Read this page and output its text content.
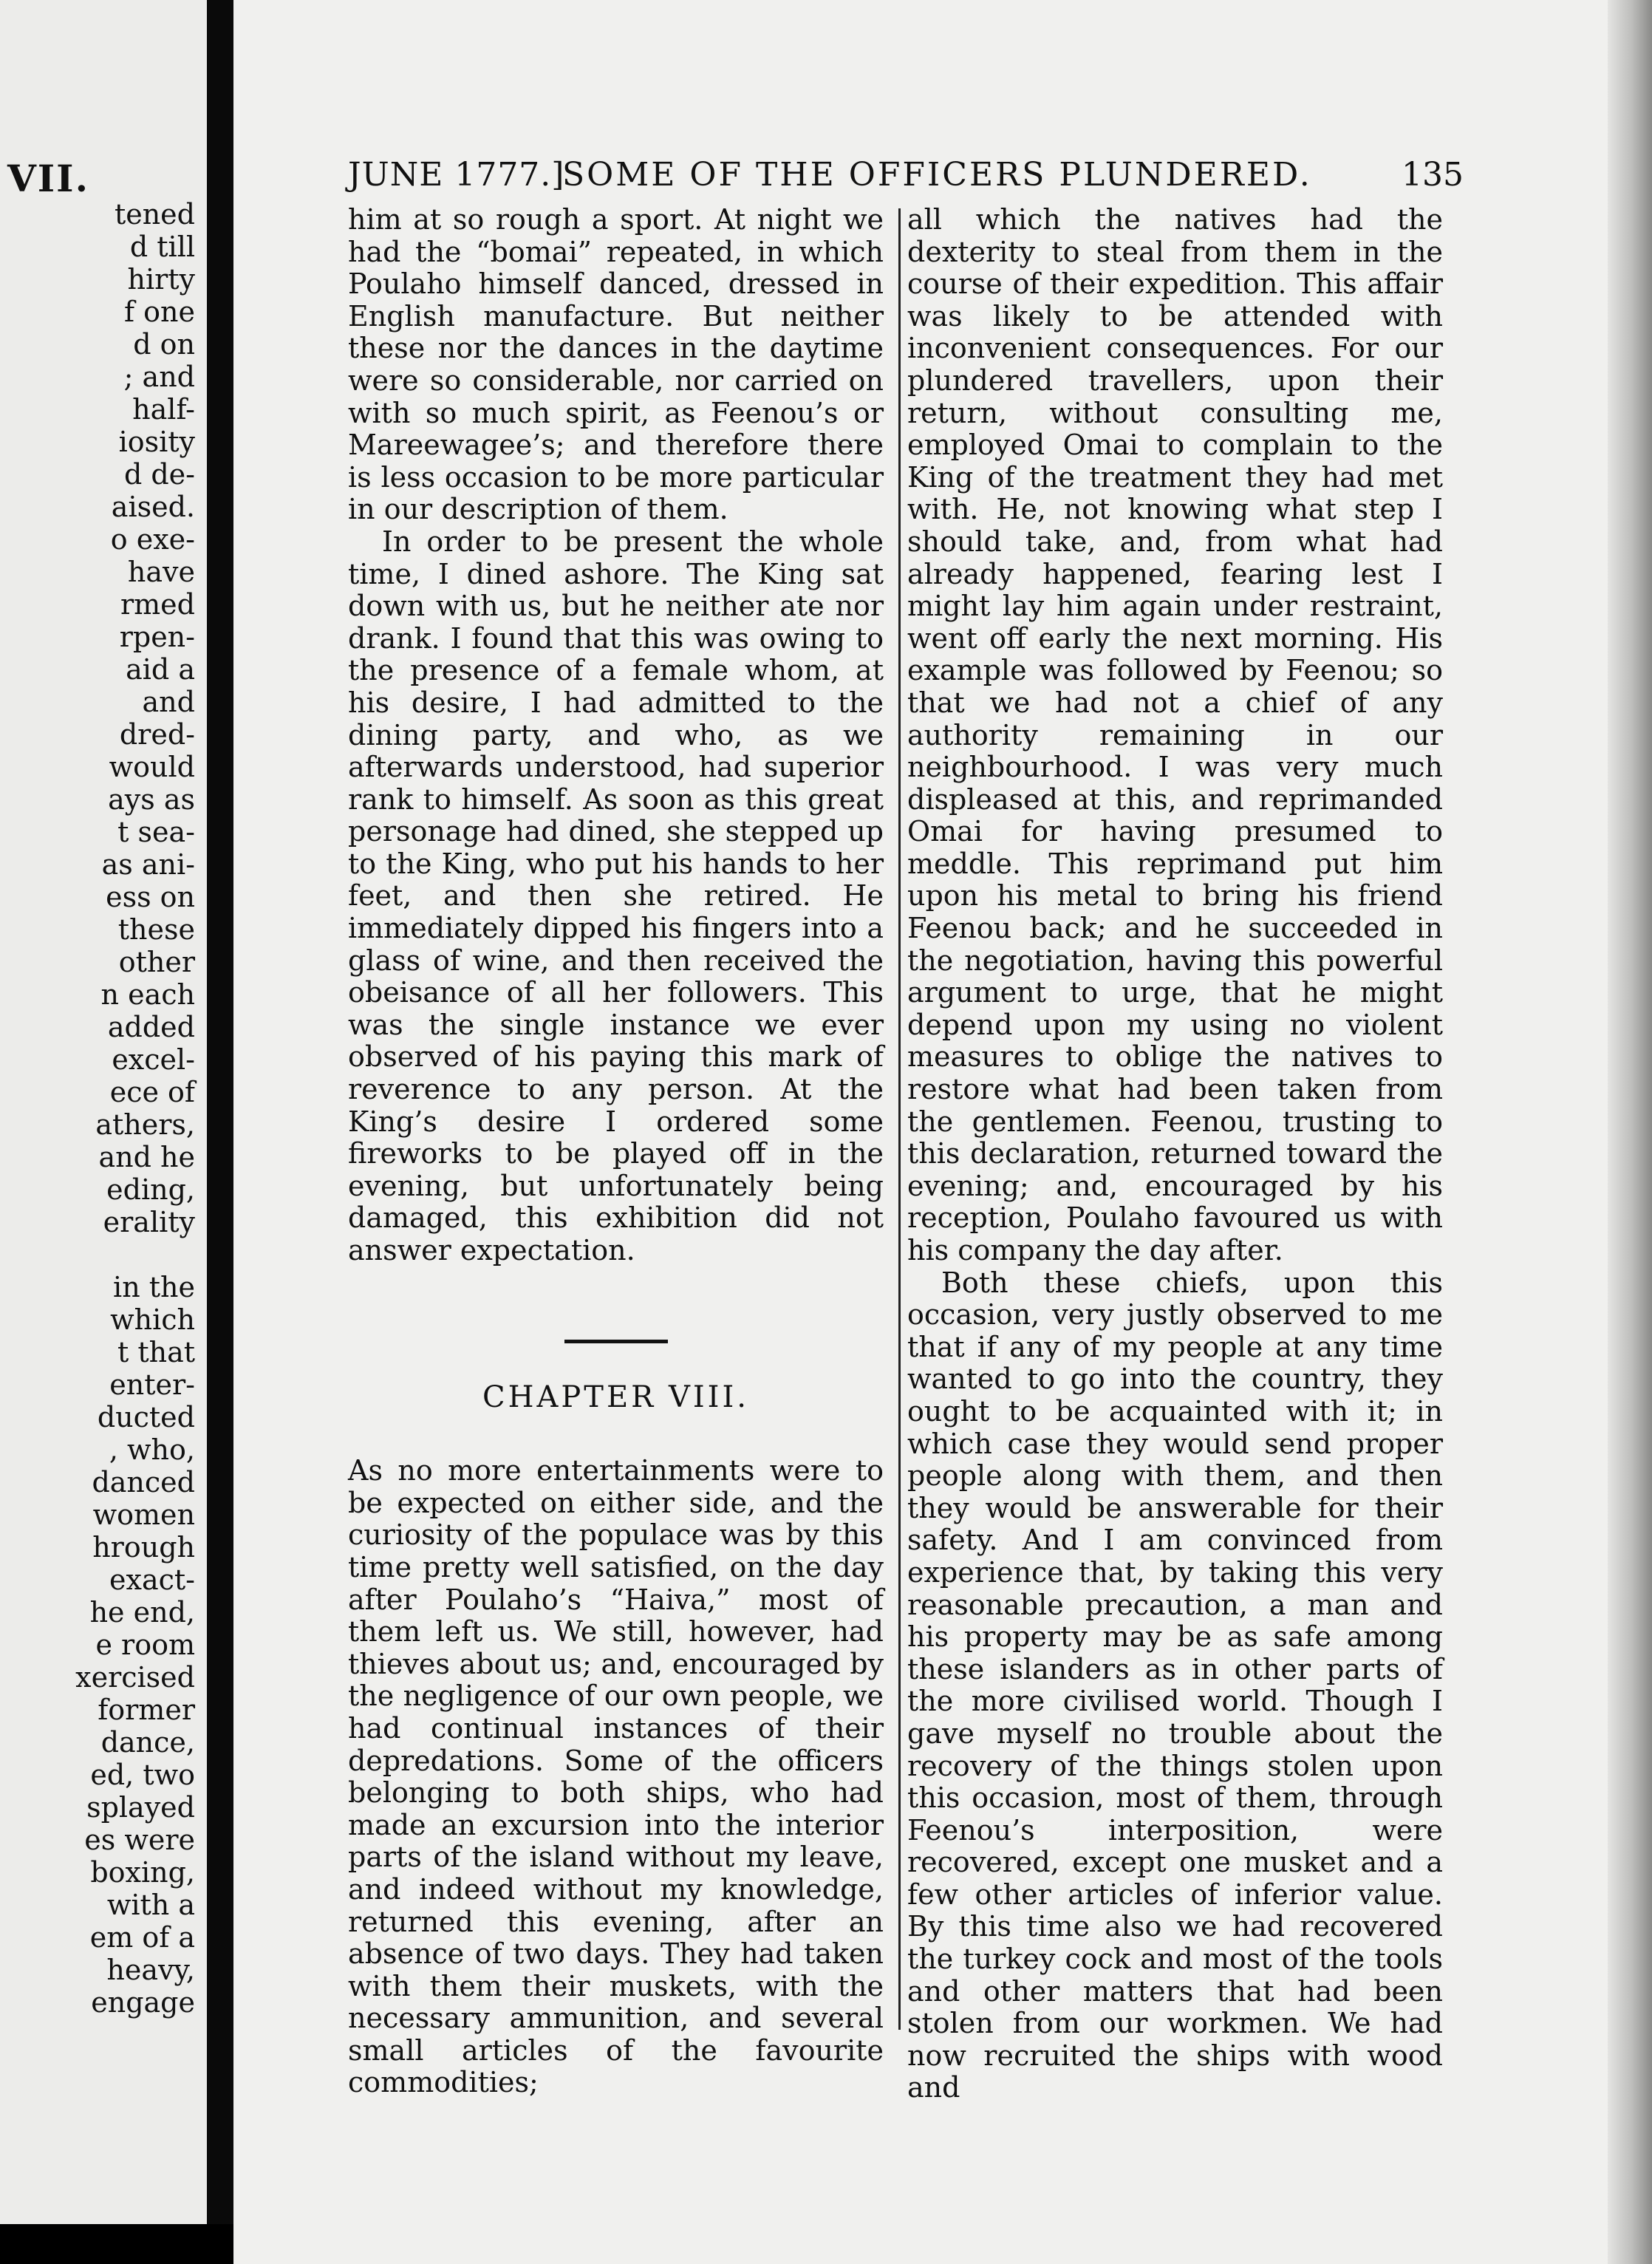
VII.
tened
d till
hirty
f one
d on
; and
half-
iosity
d de-
aised.
o exe-
have
rmed
rpen-
aid a
and
dred-
would
ays as
t sea-
as ani-
ess on
these
other
n each
added
excel-
ece of
athers,
and he
eding,
erality

in the
which
t that
enter-
ducted
, who,
danced
women
hrough
exact-
he end,
e room
xercised
former
dance,
ed, two
splayed
es were
boxing,
with a
em of a
heavy,
engage
JUNE 1777.]
SOME OF THE OFFICERS PLUNDERED.	135

him at so rough a sport. At night we had the “bomai” repeated, in which Poulaho himself danced, dressed in English manufacture. But neither these nor the dances in the daytime were so considerable, nor carried on with so much spirit, as Feenou’s or Mareewagee’s; and therefore there is less occasion to be more particular in our description of them.

In order to be present the whole time, I dined ashore. The King sat down with us, but he neither ate nor drank. I found that this was owing to the presence of a female whom, at his desire, I had admitted to the dining party, and who, as we afterwards understood, had superior rank to himself. As soon as this great personage had dined, she stepped up to the King, who put his hands to her feet, and then she retired. He immediately dipped his fingers into a glass of wine, and then received the obeisance of all her followers. This was the single instance we ever observed of his paying this mark of reverence to any person. At the King’s desire I ordered some fireworks to be played off in the evening, but unfortunately being damaged, this exhibition did not answer expectation.

CHAPTER VIII.

As no more entertainments were to be expected on either side, and the curiosity of the populace was by this time pretty well satisfied, on the day after Poulaho’s “Haiva,” most of them left us. We still, however, had thieves about us; and, encouraged by the negligence of our own people, we had continual instances of their depredations. Some of the officers belonging to both ships, who had made an excursion into the interior parts of the island without my leave, and indeed without my knowledge, returned this evening, after an absence of two days. They had taken with them their muskets, with the necessary ammunition, and several small articles of the favourite commodities;

all which the natives had the dexterity to steal from them in the course of their expedition. This affair was likely to be attended with inconvenient consequences. For our plundered travellers, upon their return, without consulting me, employed Omai to complain to the King of the treatment they had met with. He, not knowing what step I should take, and, from what had already happened, fearing lest I might lay him again under restraint, went off early the next morning. His example was followed by Feenou; so that we had not a chief of any authority remaining in our neighbourhood. I was very much displeased at this, and reprimanded Omai for having presumed to meddle. This reprimand put him upon his metal to bring his friend Feenou back; and he succeeded in the negotiation, having this powerful argument to urge, that he might depend upon my using no violent measures to oblige the natives to restore what had been taken from the gentlemen. Feenou, trusting to this declaration, returned toward the evening; and, encouraged by his reception, Poulaho favoured us with his company the day after.

Both these chiefs, upon this occasion, very justly observed to me that if any of my people at any time wanted to go into the country, they ought to be acquainted with it; in which case they would send proper people along with them, and then they would be answerable for their safety. And I am convinced from experience that, by taking this very reasonable precaution, a man and his property may be as safe among these islanders as in other parts of the more civilised world. Though I gave myself no trouble about the recovery of the things stolen upon this occasion, most of them, through Feenou’s interposition, were recovered, except one musket and a few other articles of inferior value. By this time also we had recovered the turkey cock and most of the tools and other matters that had been stolen from our workmen. We had now recruited the ships with wood and
